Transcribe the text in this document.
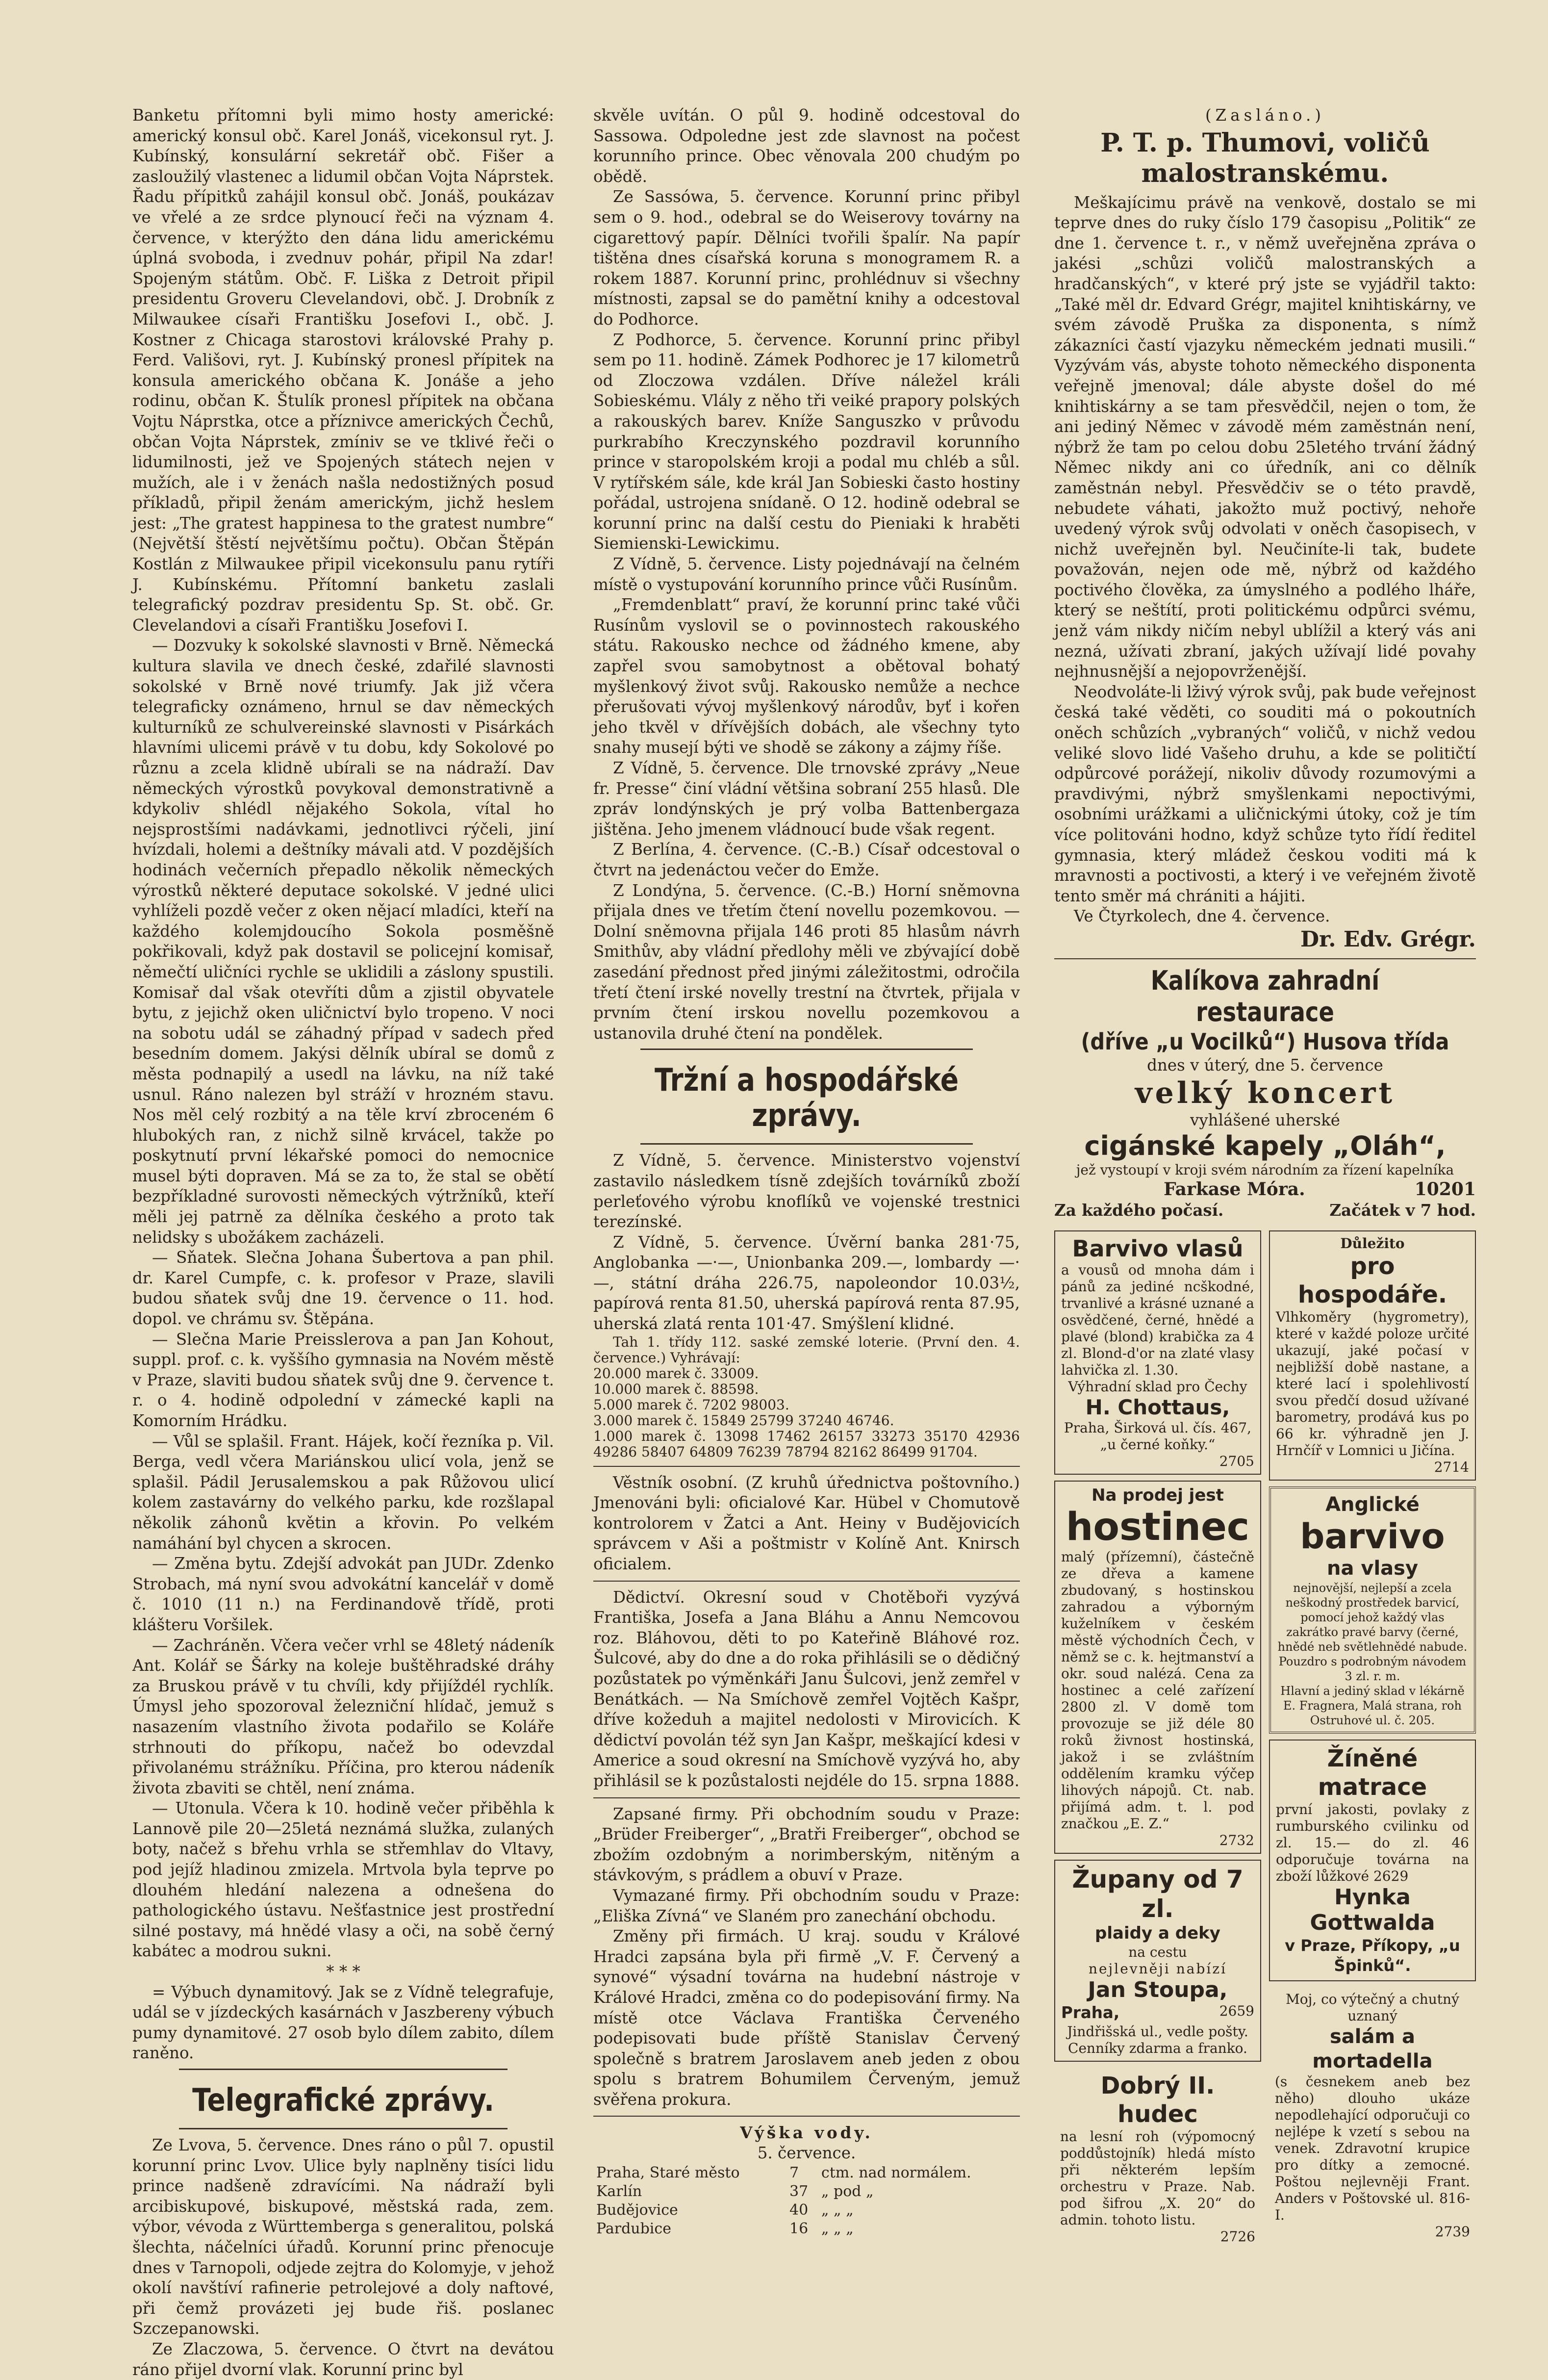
Banketu přítomni byli mimo hosty americké: americký konsul obč. Karel Jonáš, vicekonsul ryt. J. Kubínský, konsulární sekretář obč. Fišer a zasloužilý vlastenec a lidumil občan Vojta Náprstek. Řadu přípitků zahájil konsul obč. Jonáš, poukázav ve vřelé a ze srdce plynoucí řeči na význam 4. července, v kterýžto den dána lidu americkému úplná svoboda, i zvednuv pohár, připil Na zdar! Spojeným státům. Obč. F. Liška z Detroit připil presidentu Groveru Clevelandovi, obč. J. Drobník z Milwaukee císaři Františku Josefovi I., obč. J. Kostner z Chicaga starostovi královské Prahy p. Ferd. Vališovi, ryt. J. Kubínský pronesl přípitek na konsula amerického občana K. Jonáše a jeho rodinu, občan K. Štulík pronesl přípitek na občana Vojtu Náprstka, otce a příznivce amerických Čechů, občan Vojta Náprstek, zmíniv se ve tklivé řeči o lidumilnosti, jež ve Spojených státech nejen v mužích, ale i v ženách našla nedostižných posud příkladů, připil ženám americkým, jichž heslem jest: „The gratest happinesa to the gratest numbre“ (Největší štěstí největšímu počtu). Občan Štěpán Kostlán z Milwaukee připil vicekonsulu panu rytíři J. Kubínskému. Přítomní banketu zaslali telegrafický pozdrav presidentu Sp. St. obč. Gr. Clevelandovi a císaři Františku Josefovi I.

— Dozvuky k sokolské slavnosti v Brně. Německá kultura slavila ve dnech české, zdařilé slavnosti sokolské v Brně nové triumfy. Jak již včera telegraficky oznámeno, hrnul se dav německých kulturníků ze schulvereinské slavnosti v Pisárkách hlavními ulicemi právě v tu dobu, kdy Sokolové po různu a zcela klidně ubírali se na nádraží. Dav německých výrostků povykoval demonstrativně a kdykoliv shlédl nějakého Sokola, vítal ho nejsprostšími nadávkami, jednotlivci rýčeli, jiní hvízdali, holemi a deštníky mávali atd. V pozdějších hodinách večerních přepadlo několik německých výrostků některé deputace sokolské. V jedné ulici vyhlíželi pozdě večer z oken nějací mladíci, kteří na každého kolemjdoucího Sokola posměšně pokřikovali, když pak dostavil se policejní komisař, němečtí uličníci rychle se uklidili a záslony spustili. Komisař dal však otevříti dům a zjistil obyvatele bytu, z jejichž oken uličnictví bylo tropeno. V noci na sobotu udál se záhadný případ v sadech před besedním domem. Jakýsi dělník ubíral se domů z města podnapilý a usedl na lávku, na níž také usnul. Ráno nalezen byl stráží v hrozném stavu. Nos měl celý rozbitý a na těle krví zbroceném 6 hlubokých ran, z nichž silně krvácel, takže po poskytnutí první lékařské pomoci do nemocnice musel býti dopraven. Má se za to, že stal se obětí bezpříkladné surovosti německých výtržníků, kteří měli jej patrně za dělníka českého a proto tak nelidsky s ubožákem zacházeli.

— Sňatek. Slečna Johana Šubertova a pan phil. dr. Karel Cumpfe, c. k. profesor v Praze, slavili budou sňatek svůj dne 19. července o 11. hod. dopol. ve chrámu sv. Štěpána.

— Slečna Marie Preisslerova a pan Jan Kohout, suppl. prof. c. k. vyššího gymnasia na Novém městě v Praze, slaviti budou sňatek svůj dne 9. července t. r. o 4. hodině odpolední v zámecké kapli na Komorním Hrádku.

— Vůl se splašil. Frant. Hájek, kočí řezníka p. Vil. Berga, vedl včera Mariánskou ulicí vola, jenž se splašil. Pádil Jerusalemskou a pak Růžovou ulicí kolem zastavárny do velkého parku, kde rozšlapal několik záhonů květin a křovin. Po velkém namáhání byl chycen a skrocen.

— Změna bytu. Zdejší advokát pan JUDr. Zdenko Strobach, má nyní svou advokátní kancelář v domě č. 1010 (11 n.) na Ferdinandově třídě, proti klášteru Voršilek.

— Zachráněn. Včera večer vrhl se 48letý nádeník Ant. Kolář se Šárky na koleje buštěhradské dráhy za Bruskou právě v tu chvíli, kdy přijíždél rychlík. Úmysl jeho spozoroval železniční hlídač, jemuž s nasazením vlastního života podařilo se Koláře strhnouti do příkopu, načež bo odevzdal přivolanému strážníku. Příčina, pro kterou nádeník života zbaviti se chtěl, není známa.

— Utonula. Včera k 10. hodině večer přiběhla k Lannově pile 20—25letá neznámá služka, zulaných boty, načež s břehu vrhla se střemhlav do Vltavy, pod jejíž hladinou zmizela. Mrtvola byla teprve po dlouhém hledání nalezena a odnešena do pathologického ústavu. Nešťastnice jest prostřední silné postavy, má hnědé vlasy a oči, na sobě černý kabátec a modrou sukni.

* * *

= Výbuch dynamitový. Jak se z Vídně telegrafuje, udál se v jízdeckých kasárnách v Jaszbereny výbuch pumy dynamitové. 27 osob bylo dílem zabito, dílem raněno.

Telegrafické zprávy.

Ze Lvova, 5. července. Dnes ráno o půl 7. opustil korunní princ Lvov. Ulice byly naplněny tisíci lidu prince nadšeně zdravícími. Na nádraží byli arcibiskupové, biskupové, městská rada, zem. výbor, vévoda z Württemberga s generalitou, polská šlechta, náčelníci úřadů. Korunní princ přenocuje dnes v Tarnopoli, odjede zejtra do Kolomyje, v jehož okolí navštíví rafinerie petrolejové a doly naftové, při čemž provázeti jej bude řiš. poslanec Szczepanowski.

Ze Zlaczowa, 5. července. O čtvrt na devátou ráno přijel dvorní vlak. Korunní princ byl

skvěle uvítán. O půl 9. hodině odcestoval do Sassowa. Odpoledne jest zde slavnost na počest korunního prince. Obec věnovala 200 chudým po obědě.

Ze Sassówa, 5. července. Korunní princ přibyl sem o 9. hod., odebral se do Weiserovy továrny na cigarettový papír. Dělníci tvořili špalír. Na papír tištěna dnes císařská koruna s monogramem R. a rokem 1887. Korunní princ, prohlédnuv si všechny místnosti, zapsal se do pamětní knihy a odcestoval do Podhorce.

Z Podhorce, 5. července. Korunní princ přibyl sem po 11. hodině. Zámek Podhorec je 17 kilometrů od Zloczowa vzdálen. Dříve náležel králi Sobieskému. Vlály z něho tři veiké prapory polských a rakouských barev. Kníže Sanguszko v průvodu purkrabího Kreczynského pozdravil korunního prince v staropolském kroji a podal mu chléb a sůl. V rytířském sále, kde král Jan Sobieski často hostiny pořádal, ustrojena snídaně. O 12. hodině odebral se korunní princ na další cestu do Pieniaki k hraběti Siemienski-Lewickimu.

Z Vídně, 5. července. Listy pojednávají na čelném místě o vystupování korunního prince vůči Rusínům.

„Fremdenblatt“ praví, že korunní princ také vůči Rusínům vyslovil se o povinnostech rakouského státu. Rakousko nechce od žádného kmene, aby zapřel svou samobytnost a obětoval bohatý myšlenkový život svůj. Rakousko nemůže a nechce přerušovati vývoj myšlenkový národův, byť i kořen jeho tkvěl v dřívějších dobách, ale všechny tyto snahy musejí býti ve shodě se zákony a zájmy říše.

Z Vídně, 5. července. Dle trnovské zprávy „Neue fr. Presse“ činí vládní většina sobraní 255 hlasů. Dle zpráv londýnských je prý volba Battenbergaza jištěna. Jeho jmenem vládnoucí bude však regent.

Z Berlína, 4. července. (C.-B.) Císař odcestoval o čtvrt na jedenáctou večer do Emže.

Z Londýna, 5. července. (C.-B.) Horní sněmovna přijala dnes ve třetím čtení novellu pozemkovou. — Dolní sněmovna přijala 146 proti 85 hlasům návrh Smithův, aby vládní předlohy měli ve zbývající době zasedání přednost před jinými záležitostmi, odročila třetí čtení irské novelly trestní na čtvrtek, přijala v prvním čtení irskou novellu pozemkovou a ustanovila druhé čtení na pondělek.

Tržní a hospodářské zprávy.

Z Vídně, 5. července. Ministerstvo vojenství zastavilo následkem tísně zdejších továrníků zboží perleťového výrobu knoflíků ve vojenské trestnici terezínské.

Z Vídně, 5. července. Úvěrní banka 281·75, Anglobanka —·—, Unionbanka 209.—, lombardy —·—, státní dráha 226.75, napoleondor 10.03½, papírová renta 81.50, uherská papírová renta 87.95, uherská zlatá renta 101·47. Smýšlení klidné.

Tah 1. třídy 112. saské zemské loterie. (První den. 4. července.) Vyhrávají:

20.000 marek č. 33009.
10.000 marek č. 88598.
5.000 marek č. 7202 98003.
3.000 marek č. 15849 25799 37240 46746.
1.000 marek č. 13098 17462 26157 33273 35170 42936 49286 58407 64809 76239 78794 82162 86499 91704.

Věstník osobní. (Z kruhů úřednictva poštovního.) Jmenováni byli: oficialové Kar. Hübel v Chomutově kontrolorem v Žatci a Ant. Heiny v Budějovicích správcem v Aši a poštmistr v Kolíně Ant. Knirsch oficialem.

Dědictví. Okresní soud v Chotěboři vyzývá Františka, Josefa a Jana Bláhu a Annu Nemcovou roz. Bláhovou, děti to po Kateřině Bláhové roz. Šulcové, aby do dne a do roka přihlásili se o dědičný pozůstatek po výměnkáři Janu Šulcovi, jenž zemřel v Benátkách. — Na Smíchově zemřel Vojtěch Kašpr, dříve kožeduh a majitel nedolosti v Mirovicích. K dědictví povolán též syn Jan Kašpr, meškající kdesi v Americe a soud okresní na Smíchově vyzývá ho, aby přihlásil se k pozůstalosti nejdéle do 15. srpna 1888.

Zapsané firmy. Při obchodním soudu v Praze: „Brüder Freiberger“, „Bratři Freiberger“, obchod se zbožím ozdobným a norimberským, nitěným a stávkovým, s prádlem a obuví v Praze.

Vymazané firmy. Při obchodním soudu v Praze: „Eliška Zívná“ ve Slaném pro zanechání obchodu.

Změny při firmách. U kraj. soudu v Králové Hradci zapsána byla při firmě „V. F. Červený a synové“ výsadní továrna na hudební nástroje v Králové Hradci, změna co do podepisování firmy. Na místě otce Václava Františka Červeného podepisovati bude příště Stanislav Červený společně s bratrem Jaroslavem aneb jeden z obou spolu s bratrem Bohumilem Červeným, jemuž svěřena prokura.

Výška vody.
5. července.
Praha, Staré město	7	ctm. nad normálem.
Karlín	37	„ pod „
Budějovice	40	„ „ „
Pardubice	16	„ „ „
(Zasláno.)
P. T. p. Thumovi, voličů malostranskému.

Meškajícimu právě na venkově, dostalo se mi teprve dnes do ruky číslo 179 časopisu „Politik“ ze dne 1. července t. r., v němž uveřejněna zpráva o jakési „schůzi voličů malostranských a hradčanských“, v které prý jste se vyjádřil takto: „Také měl dr. Edvard Grégr, majitel knihtiskárny, ve svém závodě Pruška za disponenta, s nímž zákazníci častí vjazyku německém jednati musili.“ Vyzývám vás, abyste tohoto německého disponenta veřejně jmenoval; dále abyste došel do mé knihtiskárny a se tam přesvědčil, nejen o tom, že ani jediný Němec v závodě mém zaměstnán není, nýbrž že tam po celou dobu 25letého trvání žádný Němec nikdy ani co úředník, ani co dělník zaměstnán nebyl. Přesvědčiv se o této pravdě, nebudete váhati, jakožto muž poctivý, nehoře uvedený výrok svůj odvolati v oněch časopisech, v nichž uveřejněn byl. Neučiníte-li tak, budete považován, nejen ode mě, nýbrž od každého poctivého člověka, za úmyslného a podlého lháře, který se neštítí, proti politickému odpůrci svému, jenž vám nikdy ničím nebyl ublížil a který vás ani nezná, užívati zbraní, jakých užívají lidé povahy nejhnusnější a nejopovrženější.

Neodvoláte-li lživý výrok svůj, pak bude veřejnost česká také věděti, co souditi má o pokoutních oněch schůzích „vybraných“ voličů, v nichž vedou veliké slovo lidé Vašeho druhu, a kde se političtí odpůrcové porážejí, nikoliv důvody rozumovými a pravdivými, nýbrž smyšlenkami nepoctivými, osobními urážkami a uličnickými útoky, což je tím více politováni hodno, když schůze tyto řídí ředitel gymnasia, který mládež českou voditi má k mravnosti a poctivosti, a který i ve veřejném životě tento směr má chrániti a hájiti.

Ve Čtyrkolech, dne 4. července.

Dr. Edv. Grégr.
Kalíkova zahradní restaurace
(dříve „u Vocilků“) Husova třída
dnes v úterý, dne 5. července
velký koncert
vyhlášené uherské
cigánské kapely „Oláh“,
jež vystoupí v kroji svém národním za řízení kapelníka
Farkase Móra.	10201
Za každého počasí.	Začátek v 7 hod.
Barvivo vlasů
a vousů od mnoha dám i pánů za jediné ncškodné, trvanlivé a krásné uznané a osvědčené, černé, hnědé a plavé (blond) krabička za 4 zl. Blond-d'or na zlaté vlasy lahvička zl. 1.30.
Výhradní sklad pro Čechy
H. Chottaus,
Praha, Širková ul. čís. 467, „u černé koňky.“
2705
Na prodej jest
hostinec
malý (přízemní), částečně ze dřeva a kamene zbudovaný, s hostinskou zahradou a výborným kuželníkem v českém městě východních Čech, v němž se c. k. hejtmanství a okr. soud nalézá. Cena za hostinec a celé zařízení 2800 zl. V domě tom provozuje se již déle 80 roků živnost hostinská, jakož i se zvláštním oddělením kramku výčep lihových nápojů. Ct. nab. přijímá adm. t. l. pod značkou „E. Z.“
2732
Župany od 7 zl.
plaidy a deky
na cestu
nejlevněji nabízí
Jan Stoupa,
Praha,	2659
Jindřišská ul., vedle pošty. Cenníky zdarma a franko.
Dobrý II. hudec
na lesní roh (výpomocný poddůstojník) hledá místo při některém lepším orchestru v Praze. Nab. pod šifrou „X. 20“ do admin. tohoto listu.
2726
Důležito
pro hospodáře.
Vlhkoměry (hygrometry), které v každé poloze určité ukazují, jaké počasí v nejbližší době nastane, a které lací i spolehlivostí svou předčí dosud užívané barometry, prodává kus po 66 kr. výhradně jen J. Hrnčíř v Lomnici u Jičína.
2714
Anglické
barvivo
na vlasy
nejnovější, nejlepší a zcela neškodný prostředek barvicí, pomocí jehož každý vlas zakrátko pravé barvy (černé, hnědé neb světlehnědé nabude.
Pouzdro s podrobným návodem 3 zl. r. m.
Hlavní a jediný sklad v lékárně E. Fragnera, Malá strana, roh Ostruhové ul. č. 205.
Žíněné matrace
první jakosti, povlaky z rumburského cvilinku od zl. 15.— do zl. 46 odporučuje továrna na zboží lůžkové 2629
Hynka Gottwalda
v Praze, Příkopy, „u Špinků“.
Moj, co výtečný a chutný uznaný
salám a mortadella
(s česnekem aneb bez něho) dlouho ukáze nepodlehající odporučuji co nejlépe k vzetí s sebou na venek. Zdravotní krupice pro dítky a zemocné. Poštou nejlevněji Frant. Anders v Poštovské ul. 816-I.
2739
